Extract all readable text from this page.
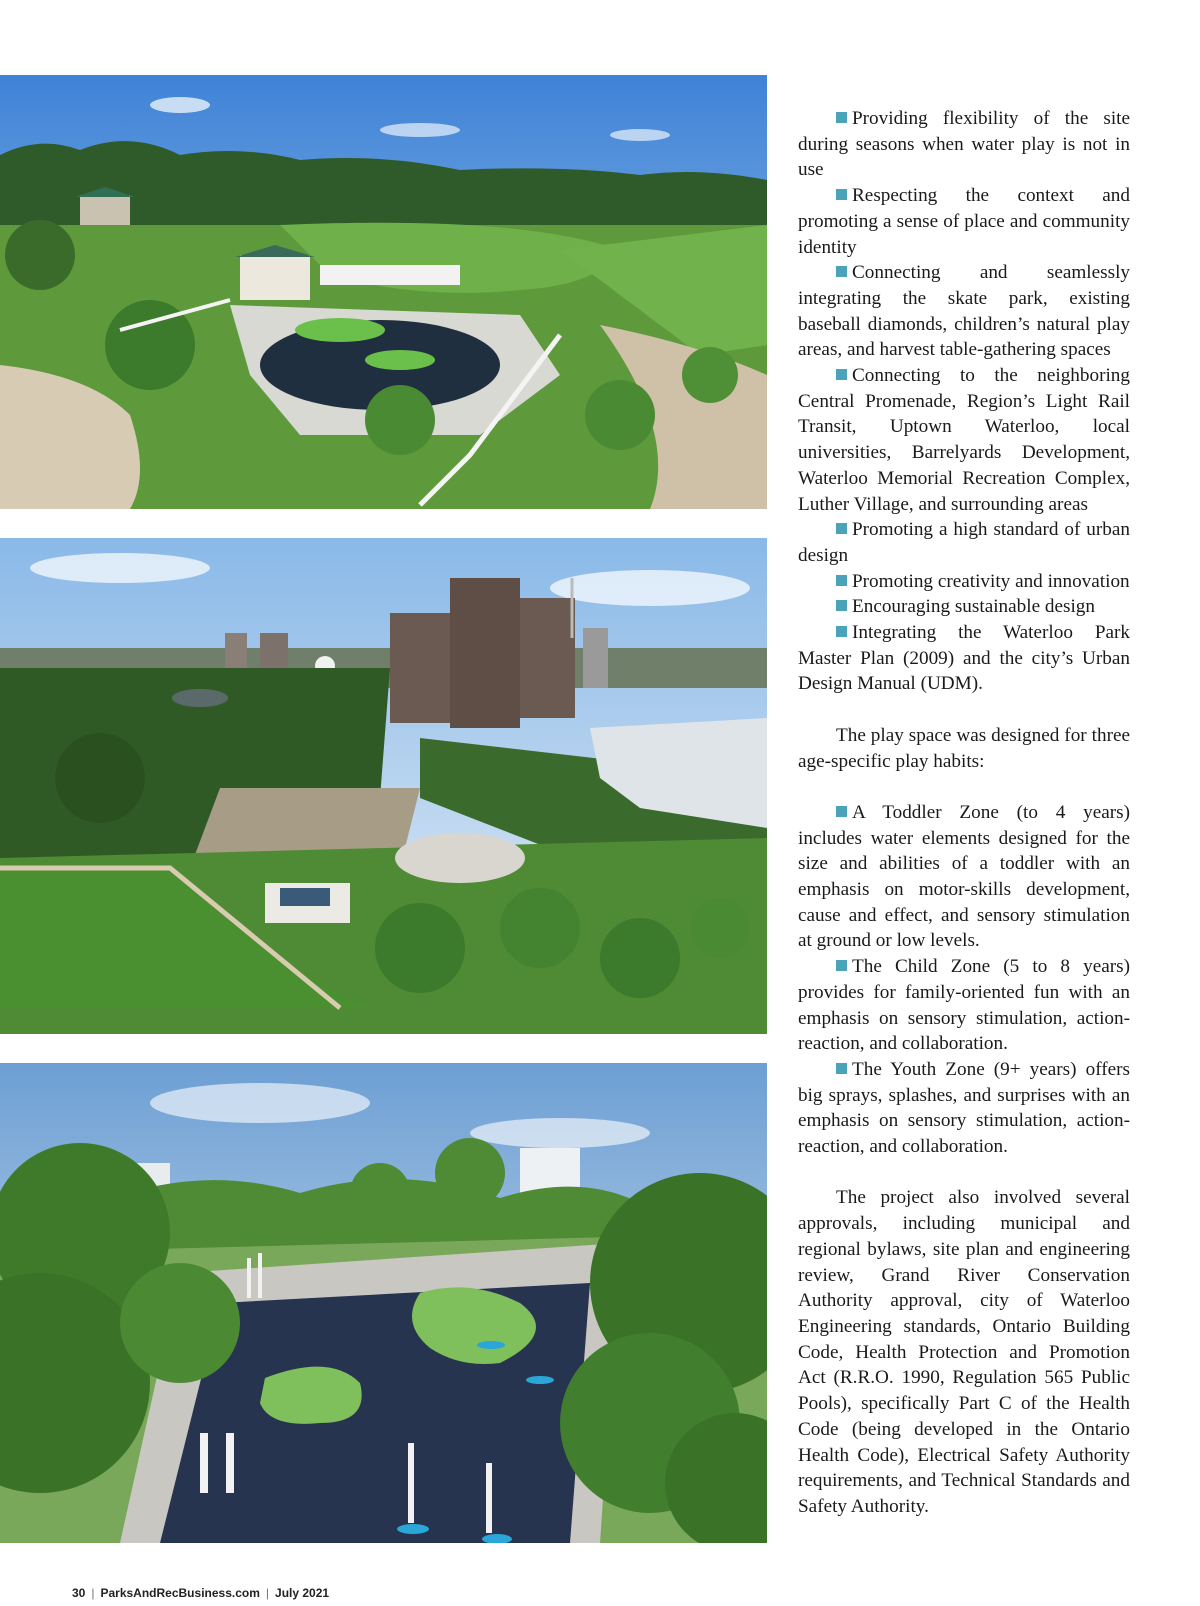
Providing flexibility of the site during seasons when water play is not in use

Respecting the context and promoting a sense of place and community identity

Connecting and seamlessly integrating the skate park, existing baseball diamonds, children’s natural play areas, and harvest table-gathering spaces

Connecting to the neighboring Central Promenade, Region’s Light Rail Transit, Uptown Waterloo, local universities, Barrelyards Development, Waterloo Memorial Recreation Complex, Luther Village, and surrounding areas

Promoting a high standard of urban design

Promoting creativity and innovation

Encouraging sustainable design

Integrating the Waterloo Park Master Plan (2009) and the city’s Urban Design Manual (UDM).

The play space was designed for three age-specific play habits:

A Toddler Zone (to 4 years) includes water elements designed for the size and abilities of a toddler with an emphasis on motor-skills development, cause and effect, and sensory stimulation at ground or low levels.

The Child Zone (5 to 8 years) provides for family-oriented fun with an emphasis on sensory stimulation, action-reaction, and collaboration.

The Youth Zone (9+ years) offers big sprays, splashes, and surprises with an emphasis on sensory stimulation, action-reaction, and collaboration.

The project also involved several approvals, including municipal and regional bylaws, site plan and engineering review, Grand River Conservation Authority approval, city of Waterloo Engineering standards, Ontario Building Code, Health Protection and Promotion Act (R.R.O. 1990, Regulation 565 Public Pools), specifically Part C of the Health Code (being developed in the Ontario Health Code), Electrical Safety Authority requirements, and Technical Standards and Safety Authority.

30 | ParksAndRecBusiness.com | July 2021
